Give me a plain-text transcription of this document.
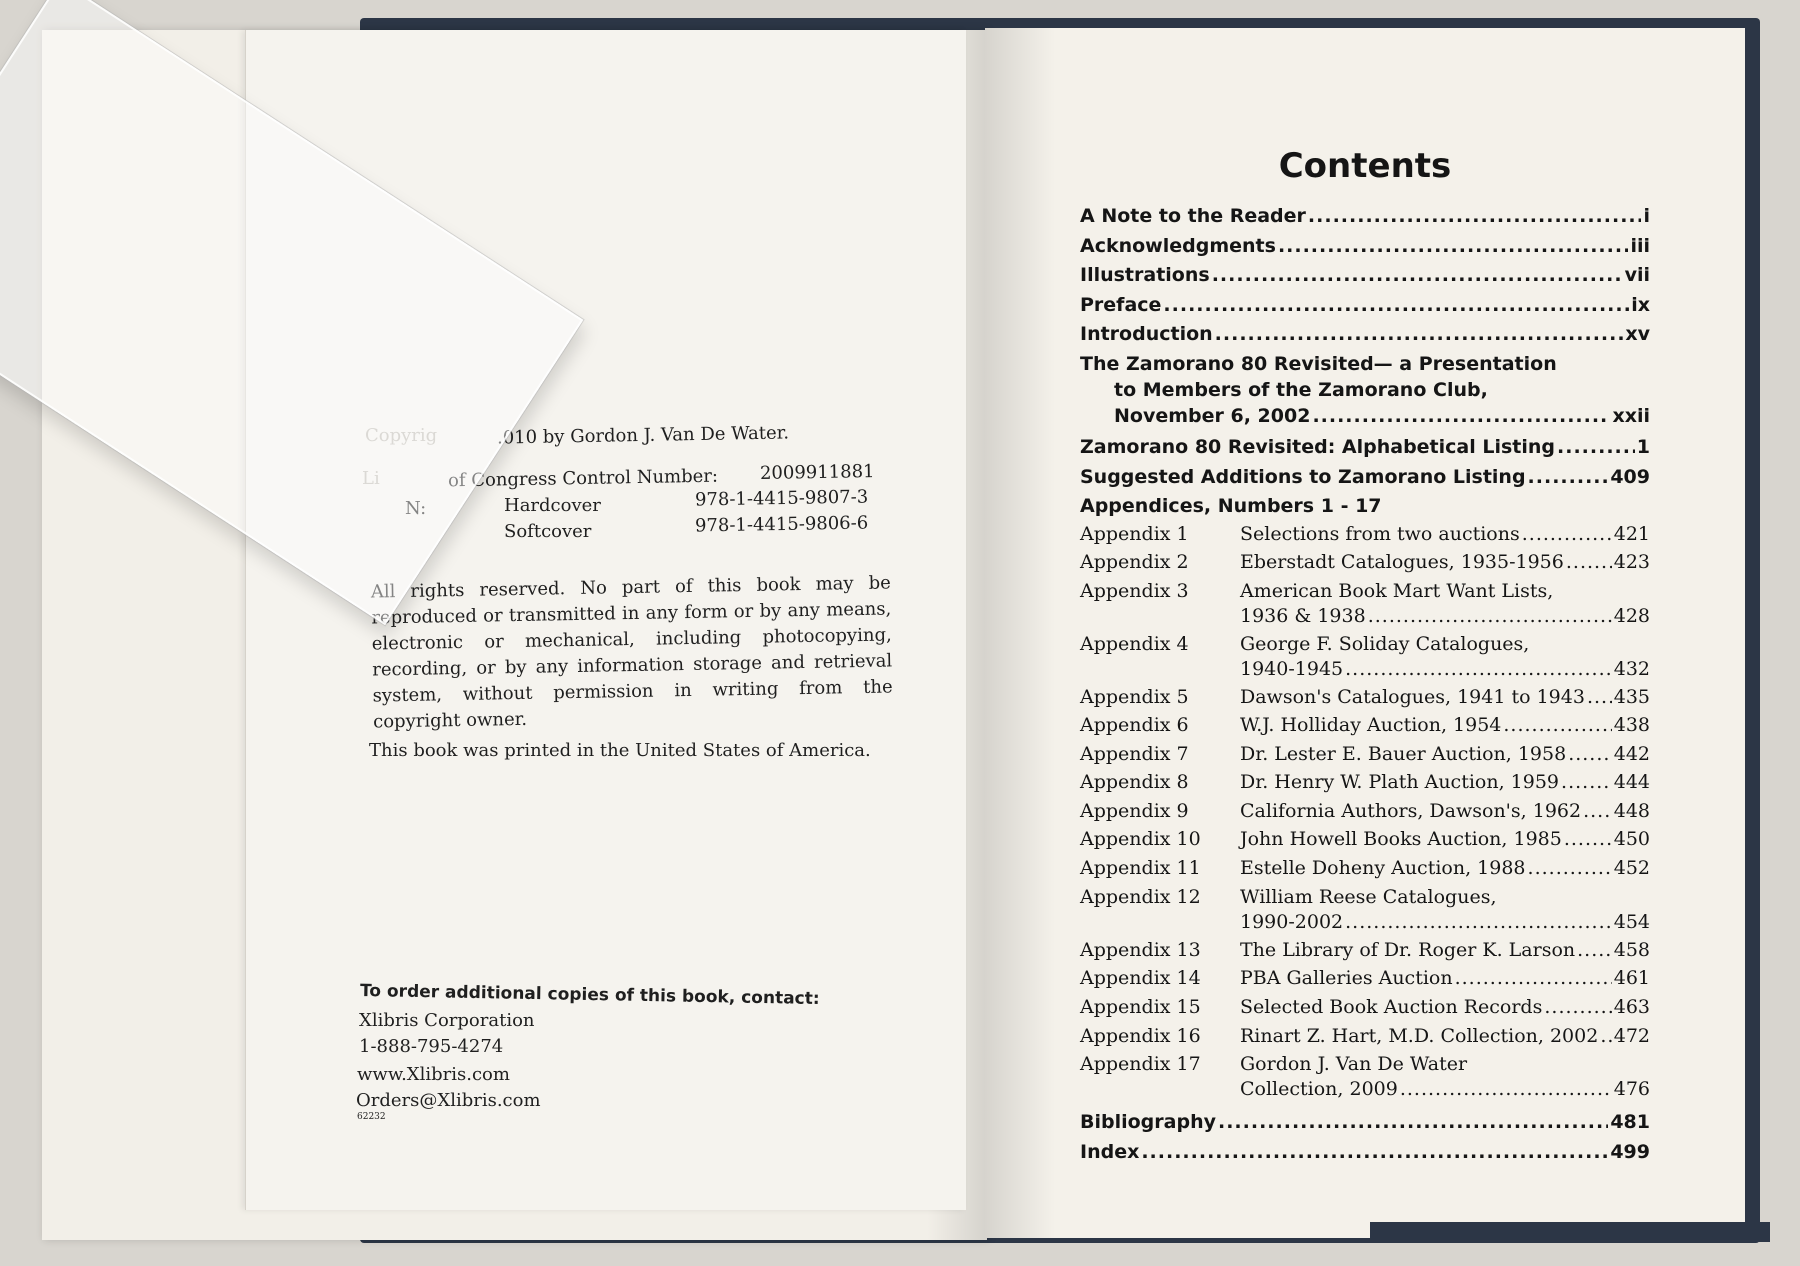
Contents
Copyrig	.010 by Gordon J. Van De Water.
Li	of Congress Control Number: 2009911881
N:	Hardcover	978-1-4415-9807-3
Softcover	978-1-4415-9806-6
All rights reserved. No part of this book may be reproduced or transmitted in any form or by any means, electronic or mechanical, including photocopying, recording, or by any information storage and retrieval system, without permission in writing from the copyright owner.
This book was printed in the United States of America.
To order additional copies of this book, contact:
Xlibris Corporation
1-888-795-4274
www.Xlibris.com
Orders@Xlibris.com
62232
A Note to the Reader .....	i
Acknowledgments .....	iii
Illustrations .....	vii
Preface .....	ix
Introduction .....	xv
The Zamorano 80 Revisited— a Presentation
to Members of the Zamorano Club,
November 6, 2002 .....	xxii
Zamorano 80 Revisited: Alphabetical Listing .....	1
Suggested Additions to Zamorano Listing .....	409
Appendices, Numbers 1 - 17
Appendix 1	Selections from two auctions .....	421
Appendix 2	Eberstadt Catalogues, 1935-1956 .....	423
Appendix 3	American Book Mart Want Lists,
1936 & 1938 .....	428
Appendix 4	George F. Soliday Catalogues,
1940-1945 .....	432
Appendix 5	Dawson's Catalogues, 1941 to 1943 ..... 435
Appendix 6	W.J. Holliday Auction, 1954 .....	438
Appendix 7	Dr. Lester E. Bauer Auction, 1958 .....	442
Appendix 8	Dr. Henry W. Plath Auction, 1959 .....	444
Appendix 9	California Authors, Dawson's, 1962 ..... 448
Appendix 10	John Howell Books Auction, 1985 .....	450
Appendix 11	Estelle Doheny Auction, 1988 .....	452
Appendix 12	William Reese Catalogues,
1990-2002 .....	454
Appendix 13	The Library of Dr. Roger K. Larson ..... 458
Appendix 14	PBA Galleries Auction .....	461
Appendix 15	Selected Book Auction Records .....	463
Appendix 16	Rinart Z. Hart, M.D. Collection, 2002 ..... 472
Appendix 17	Gordon J. Van De Water
Collection, 2009 .....	476
Bibliography .....	481
Index .....	499
